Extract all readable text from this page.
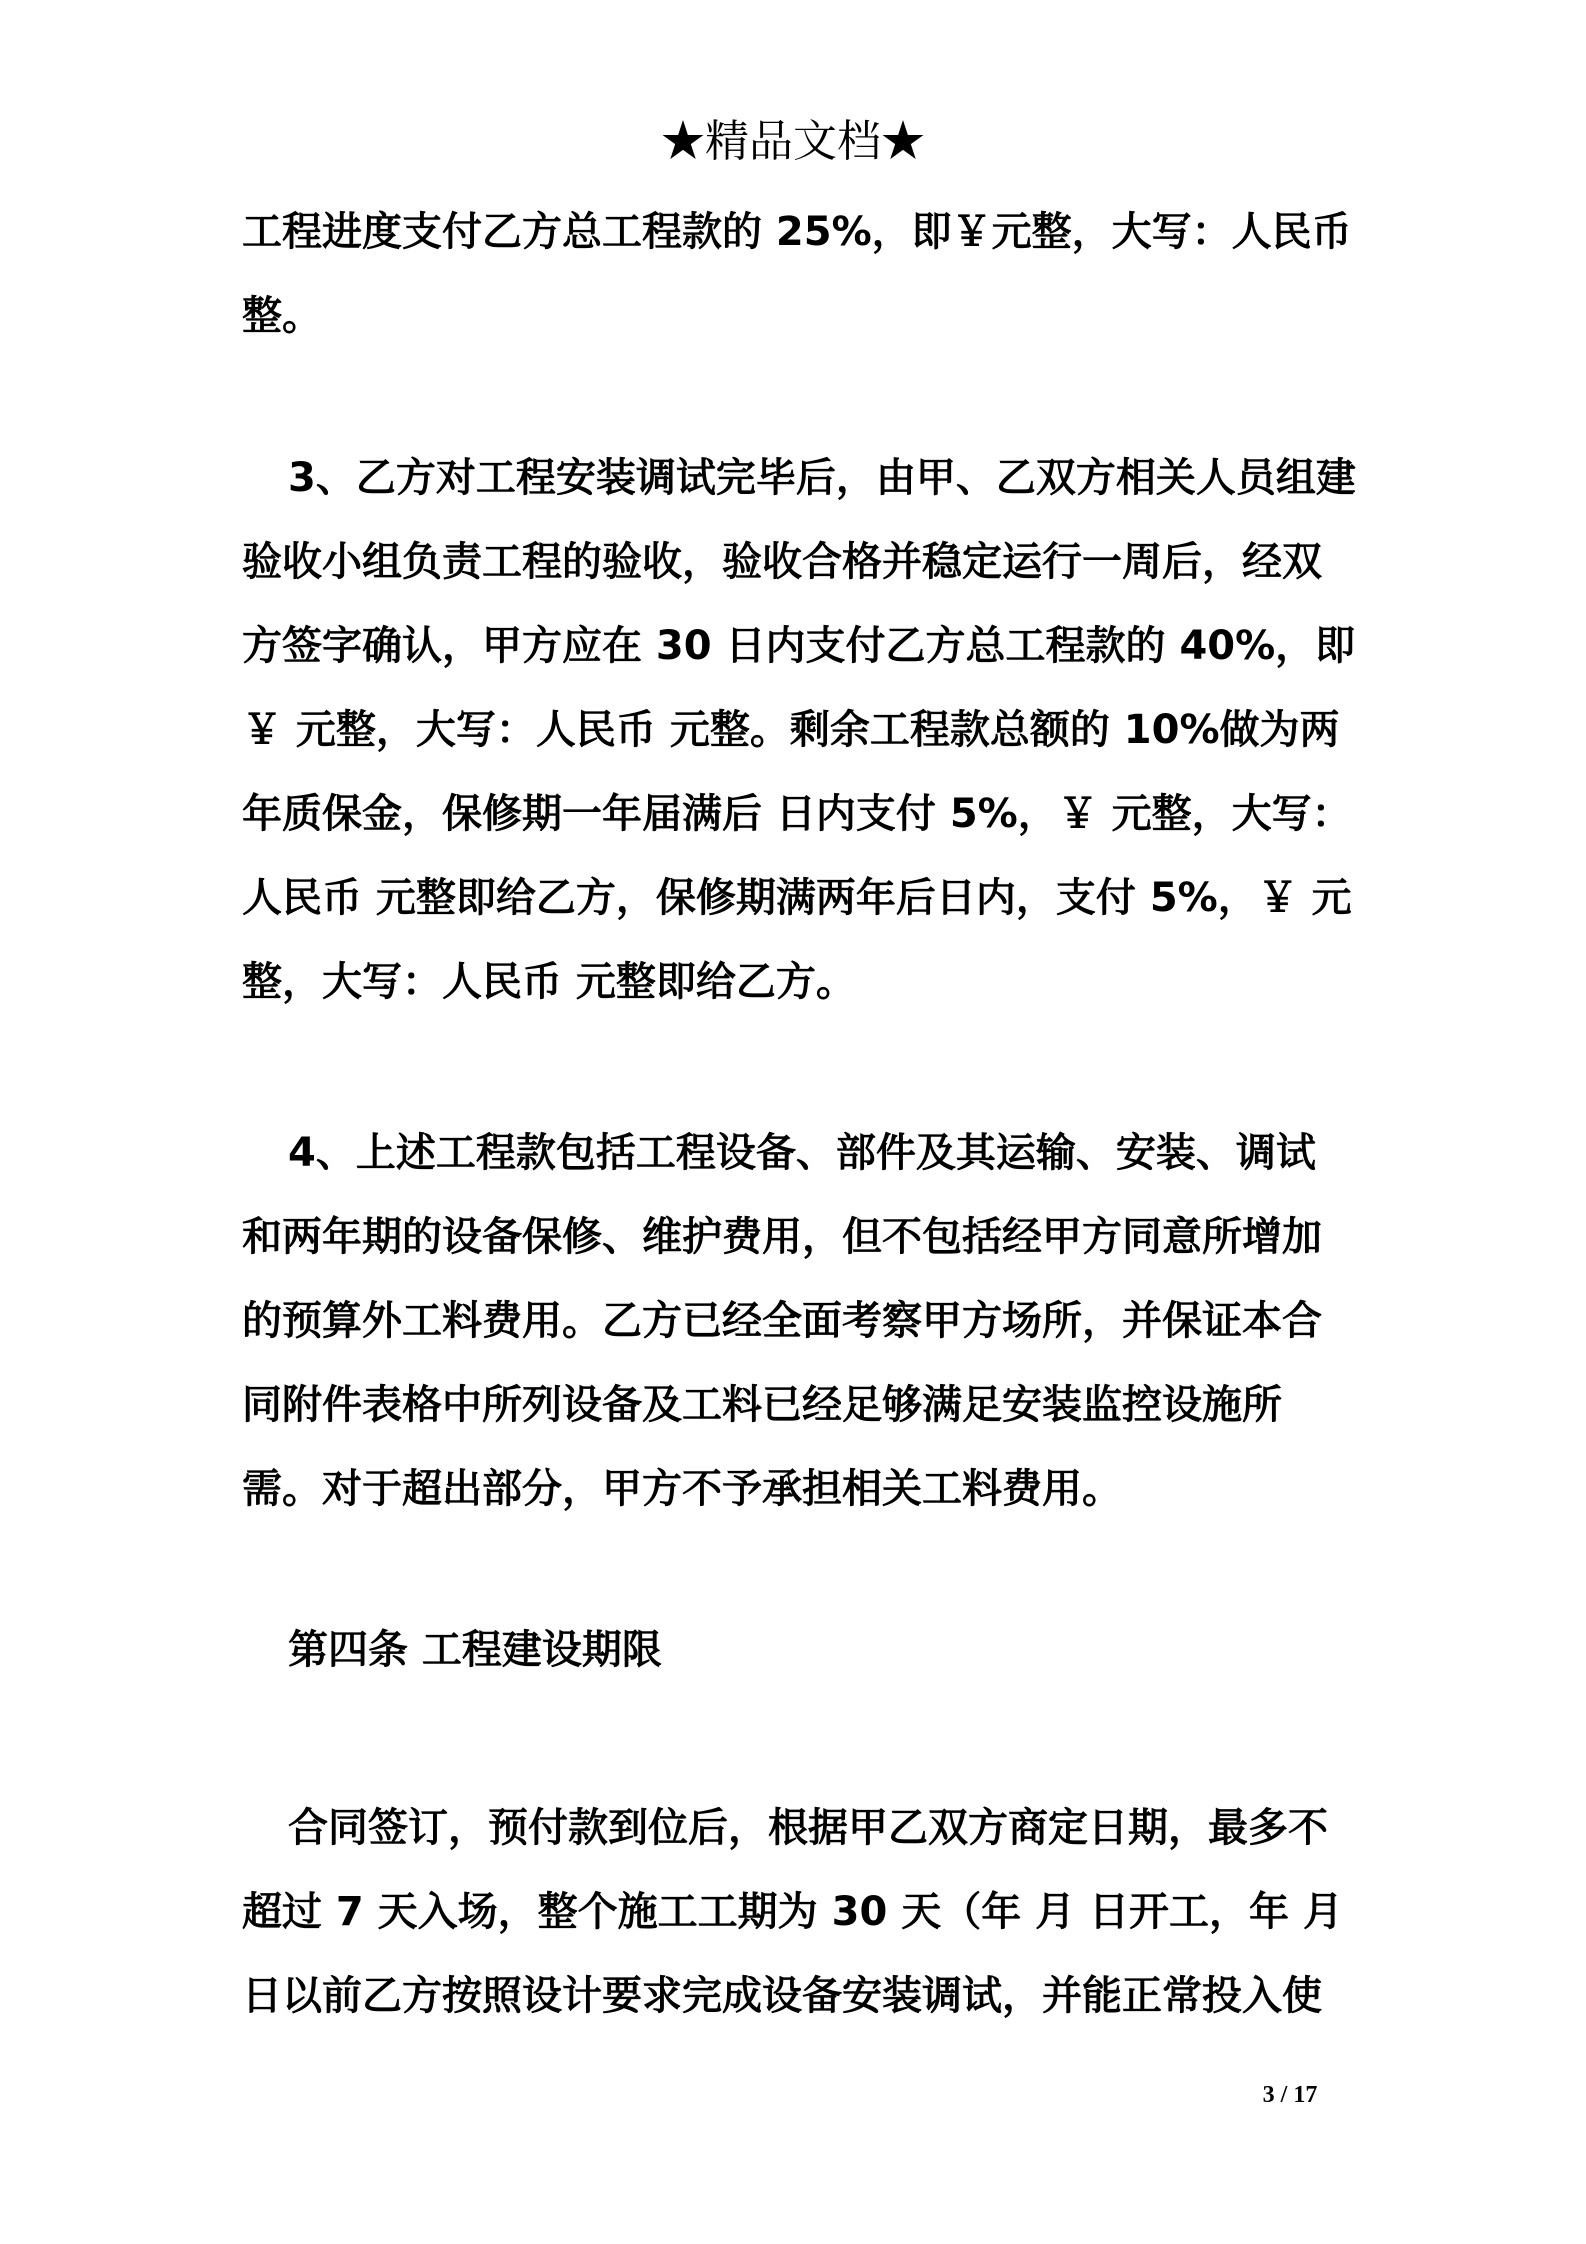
★精品文档★
工程进度支付乙方总工程款的 25%，即￥元整，大写：人民币
整。
3、乙方对工程安装调试完毕后，由甲、乙双方相关人员组建
验收小组负责工程的验收，验收合格并稳定运行一周后，经双
方签字确认，甲方应在 30 日内支付乙方总工程款的 40%，即
￥ 元整，大写：人民币 元整。剩余工程款总额的 10%做为两
年质保金，保修期一年届满后 日内支付 5%，￥ 元整，大写：
人民币 元整即给乙方，保修期满两年后日内，支付 5%，￥ 元
整，大写：人民币 元整即给乙方。
4、上述工程款包括工程设备、部件及其运输、安装、调试
和两年期的设备保修、维护费用，但不包括经甲方同意所增加
的预算外工料费用。乙方已经全面考察甲方场所，并保证本合
同附件表格中所列设备及工料已经足够满足安装监控设施所
需。对于超出部分，甲方不予承担相关工料费用。
第四条 工程建设期限
合同签订，预付款到位后，根据甲乙双方商定日期，最多不
超过 7 天入场，整个施工工期为 30 天（年 月 日开工，年 月
日以前乙方按照设计要求完成设备安装调试，并能正常投入使
3 / 17
